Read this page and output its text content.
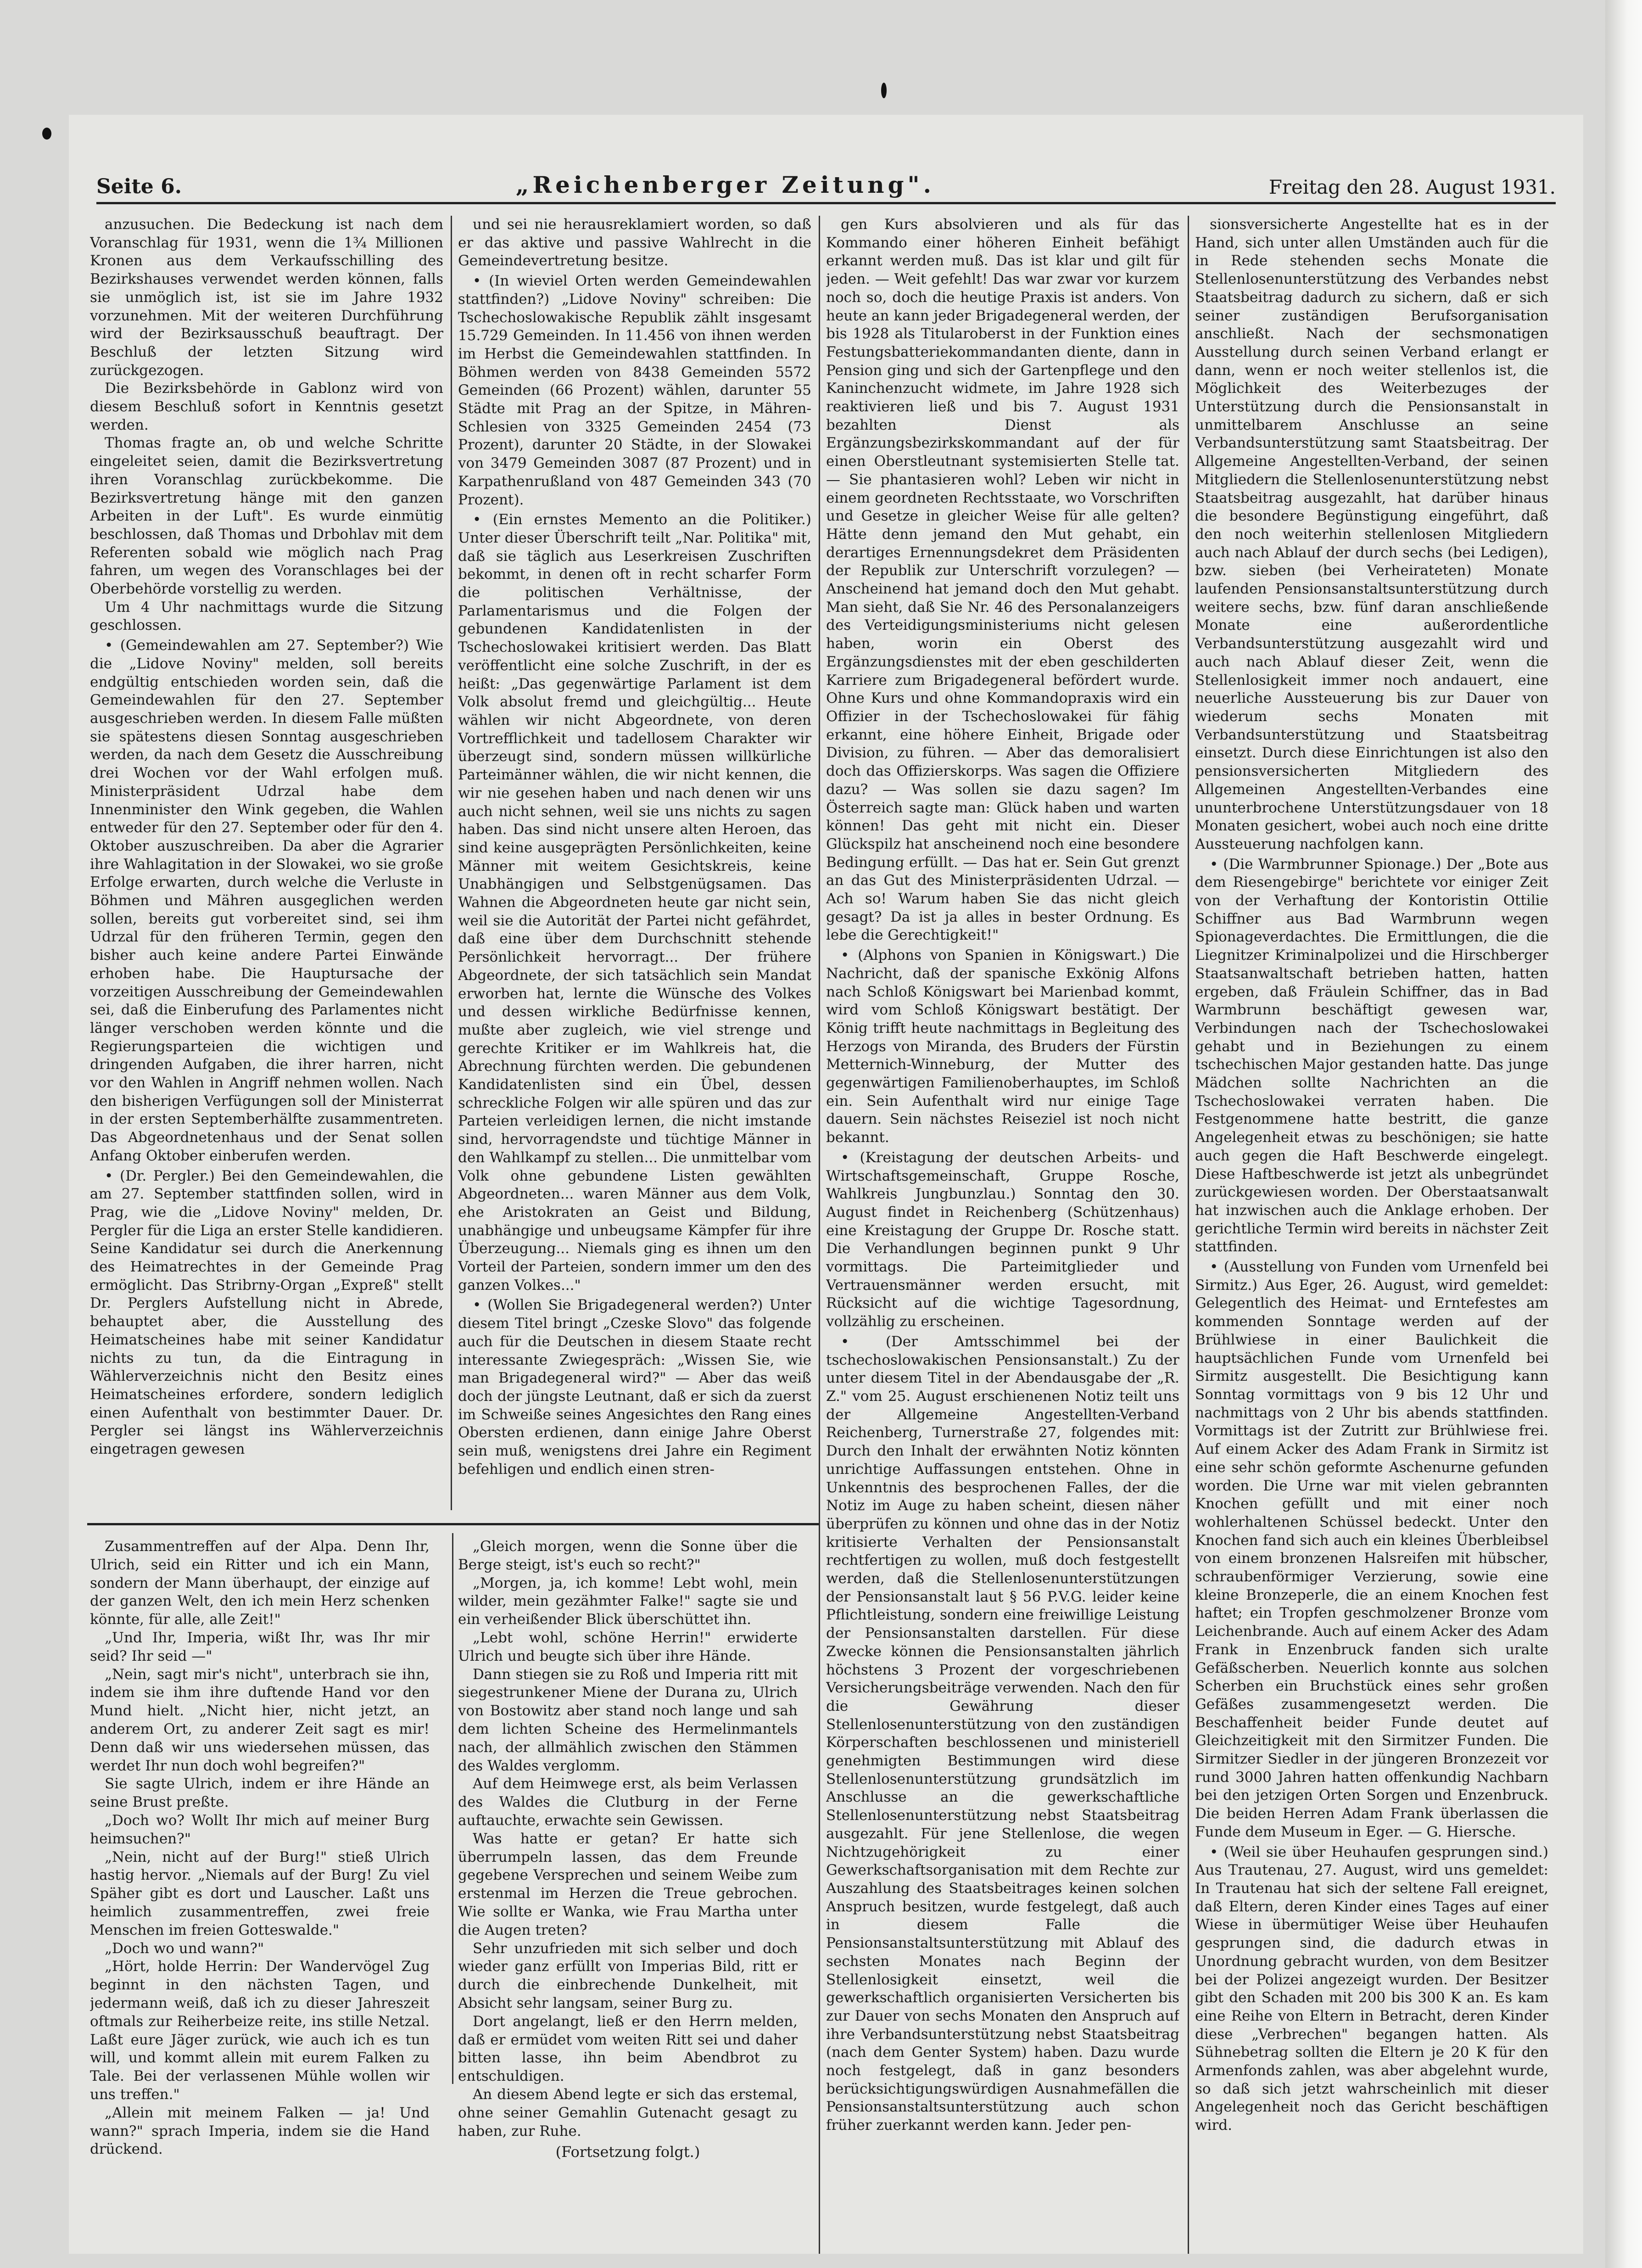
Seite 6.	„Reichenberger Zeitung".	Freitag den 28. August 1931.

anzusuchen. Die Bedeckung ist nach dem Voranschlag für 1931, wenn die 1¾ Millionen Kronen aus dem Verkaufsschilling des Bezirkshauses verwendet werden können, falls sie unmöglich ist, ist sie im Jahre 1932 vorzunehmen. Mit der weiteren Durchführung wird der Bezirksausschuß beauftragt. Der Beschluß der letzten Sitzung wird zurückgezogen.

Die Bezirksbehörde in Gablonz wird von diesem Beschluß sofort in Kenntnis gesetzt werden.

Thomas fragte an, ob und welche Schritte eingeleitet seien, damit die Bezirksvertretung ihren Voranschlag zurückbekomme. Die Bezirksvertretung hänge mit den ganzen Arbeiten in der Luft". Es wurde einmütig beschlossen, daß Thomas und Drbohlav mit dem Referenten sobald wie möglich nach Prag fahren, um wegen des Voranschlages bei der Oberbehörde vorstellig zu werden.

Um 4 Uhr nachmittags wurde die Sitzung geschlossen.

• (Gemeindewahlen am 27. September?) Wie die „Lidove Noviny" melden, soll bereits endgültig entschieden worden sein, daß die Gemeindewahlen für den 27. September ausgeschrieben werden. In diesem Falle müßten sie spätestens diesen Sonntag ausgeschrieben werden, da nach dem Gesetz die Ausschreibung drei Wochen vor der Wahl erfolgen muß. Ministerpräsident Udrzal habe dem Innenminister den Wink gegeben, die Wahlen entweder für den 27. September oder für den 4. Oktober auszuschreiben. Da aber die Agrarier ihre Wahlagitation in der Slowakei, wo sie große Erfolge erwarten, durch welche die Verluste in Böhmen und Mähren ausgeglichen werden sollen, bereits gut vorbereitet sind, sei ihm Udrzal für den früheren Termin, gegen den bisher auch keine andere Partei Einwände erhoben habe. Die Hauptursache der vorzeitigen Ausschreibung der Gemeindewahlen sei, daß die Einberufung des Parlamentes nicht länger verschoben werden könnte und die Regierungsparteien die wichtigen und dringenden Aufgaben, die ihrer harren, nicht vor den Wahlen in Angriff nehmen wollen. Nach den bisherigen Verfügungen soll der Ministerrat in der ersten Septemberhälfte zusammentreten. Das Abgeordnetenhaus und der Senat sollen Anfang Oktober einberufen werden.

• (Dr. Pergler.) Bei den Gemeindewahlen, die am 27. September stattfinden sollen, wird in Prag, wie die „Lidove Noviny" melden, Dr. Pergler für die Liga an erster Stelle kandidieren. Seine Kandidatur sei durch die Anerkennung des Heimatrechtes in der Gemeinde Prag ermöglicht. Das Stribrny-Organ „Expreß" stellt Dr. Perglers Aufstellung nicht in Abrede, behauptet aber, die Ausstellung des Heimatscheines habe mit seiner Kandidatur nichts zu tun, da die Eintragung in Wählerverzeichnis nicht den Besitz eines Heimatscheines erfordere, sondern lediglich einen Aufenthalt von bestimmter Dauer. Dr. Pergler sei längst ins Wählerverzeichnis eingetragen gewesen

und sei nie herausreklamiert worden, so daß er das aktive und passive Wahlrecht in die Gemeindevertretung besitze.

• (In wieviel Orten werden Gemeindewahlen stattfinden?) „Lidove Noviny" schreiben: Die Tschechoslowakische Republik zählt insgesamt 15.729 Gemeinden. In 11.456 von ihnen werden im Herbst die Gemeindewahlen stattfinden. In Böhmen werden von 8438 Gemeinden 5572 Gemeinden (66 Prozent) wählen, darunter 55 Städte mit Prag an der Spitze, in Mähren-Schlesien von 3325 Gemeinden 2454 (73 Prozent), darunter 20 Städte, in der Slowakei von 3479 Gemeinden 3087 (87 Prozent) und in Karpathenrußland von 487 Gemeinden 343 (70 Prozent).

• (Ein ernstes Memento an die Politiker.) Unter dieser Überschrift teilt „Nar. Politika" mit, daß sie täglich aus Leserkreisen Zuschriften bekommt, in denen oft in recht scharfer Form die politischen Verhältnisse, der Parlamentarismus und die Folgen der gebundenen Kandidatenlisten in der Tschechoslowakei kritisiert werden. Das Blatt veröffentlicht eine solche Zuschrift, in der es heißt: „Das gegenwärtige Parlament ist dem Volk absolut fremd und gleichgültig... Heute wählen wir nicht Abgeordnete, von deren Vortrefflichkeit und tadellosem Charakter wir überzeugt sind, sondern müssen willkürliche Parteimänner wählen, die wir nicht kennen, die wir nie gesehen haben und nach denen wir uns auch nicht sehnen, weil sie uns nichts zu sagen haben. Das sind nicht unsere alten Heroen, das sind keine ausgeprägten Persönlichkeiten, keine Männer mit weitem Gesichtskreis, keine Unabhängigen und Selbstgenügsamen. Das Wahnen die Abgeordneten heute gar nicht sein, weil sie die Autorität der Partei nicht gefährdet, daß eine über dem Durchschnitt stehende Persönlichkeit hervorragt... Der frühere Abgeordnete, der sich tatsächlich sein Mandat erworben hat, lernte die Wünsche des Volkes und dessen wirkliche Bedürfnisse kennen, mußte aber zugleich, wie viel strenge und gerechte Kritiker er im Wahlkreis hat, die Abrechnung fürchten werden. Die gebundenen Kandidatenlisten sind ein Übel, dessen schreckliche Folgen wir alle spüren und das zur Parteien verleidigen lernen, die nicht imstande sind, hervorragendste und tüchtige Männer in den Wahlkampf zu stellen... Die unmittelbar vom Volk ohne gebundene Listen gewählten Abgeordneten... waren Männer aus dem Volk, ehe Aristokraten an Geist und Bildung, unabhängige und unbeugsame Kämpfer für ihre Überzeugung... Niemals ging es ihnen um den Vorteil der Parteien, sondern immer um den des ganzen Volkes..."

• (Wollen Sie Brigadegeneral werden?) Unter diesem Titel bringt „Czeske Slovo" das folgende auch für die Deutschen in diesem Staate recht interessante Zwiegespräch: „Wissen Sie, wie man Brigadegeneral wird?" — Aber das weiß doch der jüngste Leutnant, daß er sich da zuerst im Schweiße seines Angesichtes den Rang eines Obersten erdienen, dann einige Jahre Oberst sein muß, wenigstens drei Jahre ein Regiment befehligen und endlich einen stren-

Zusammentreffen auf der Alpa. Denn Ihr, Ulrich, seid ein Ritter und ich ein Mann, sondern der Mann überhaupt, der einzige auf der ganzen Welt, den ich mein Herz schenken könnte, für alle, alle Zeit!"

„Und Ihr, Imperia, wißt Ihr, was Ihr mir seid? Ihr seid —"

„Nein, sagt mir's nicht", unterbrach sie ihn, indem sie ihm ihre duftende Hand vor den Mund hielt. „Nicht hier, nicht jetzt, an anderem Ort, zu anderer Zeit sagt es mir! Denn daß wir uns wiedersehen müssen, das werdet Ihr nun doch wohl begreifen?"

Sie sagte Ulrich, indem er ihre Hände an seine Brust preßte.

„Doch wo? Wollt Ihr mich auf meiner Burg heimsuchen?"

„Nein, nicht auf der Burg!" stieß Ulrich hastig hervor. „Niemals auf der Burg! Zu viel Späher gibt es dort und Lauscher. Laßt uns heimlich zusammentreffen, zwei freie Menschen im freien Gotteswalde."

„Doch wo und wann?"

„Hört, holde Herrin: Der Wandervögel Zug beginnt in den nächsten Tagen, und jedermann weiß, daß ich zu dieser Jahreszeit oftmals zur Reiherbeize reite, ins stille Netzal. Laßt eure Jäger zurück, wie auch ich es tun will, und kommt allein mit eurem Falken zu Tale. Bei der verlassenen Mühle wollen wir uns treffen."

„Allein mit meinem Falken — ja! Und wann?" sprach Imperia, indem sie die Hand drückend.

„Gleich morgen, wenn die Sonne über die Berge steigt, ist's euch so recht?"

„Morgen, ja, ich komme! Lebt wohl, mein wilder, mein gezähmter Falke!" sagte sie und ein verheißender Blick überschüttet ihn.

„Lebt wohl, schöne Herrin!" erwiderte Ulrich und beugte sich über ihre Hände.

Dann stiegen sie zu Roß und Imperia ritt mit siegestrunkener Miene der Durana zu, Ulrich von Bostowitz aber stand noch lange und sah dem lichten Scheine des Hermelinmantels nach, der allmählich zwischen den Stämmen des Waldes verglomm.

Auf dem Heimwege erst, als beim Verlassen des Waldes die Clutburg in der Ferne auftauchte, erwachte sein Gewissen.

Was hatte er getan? Er hatte sich überrumpeln lassen, das dem Freunde gegebene Versprechen und seinem Weibe zum erstenmal im Herzen die Treue gebrochen. Wie sollte er Wanka, wie Frau Martha unter die Augen treten?

Sehr unzufrieden mit sich selber und doch wieder ganz erfüllt von Imperias Bild, ritt er durch die einbrechende Dunkelheit, mit Absicht sehr langsam, seiner Burg zu.

Dort angelangt, ließ er den Herrn melden, daß er ermüdet vom weiten Ritt sei und daher bitten lasse, ihn beim Abendbrot zu entschuldigen.

An diesem Abend legte er sich das erstemal, ohne seiner Gemahlin Gutenacht gesagt zu haben, zur Ruhe.

(Fortsetzung folgt.)

gen Kurs absolvieren und als für das Kommando einer höheren Einheit befähigt erkannt werden muß. Das ist klar und gilt für jeden. — Weit gefehlt! Das war zwar vor kurzem noch so, doch die heutige Praxis ist anders. Von heute an kann jeder Brigadegeneral werden, der bis 1928 als Titularoberst in der Funktion eines Festungsbatteriekommandanten diente, dann in Pension ging und sich der Gartenpflege und den Kaninchenzucht widmete, im Jahre 1928 sich reaktivieren ließ und bis 7. August 1931 bezahlten Dienst als Ergänzungsbezirkskommandant auf der für einen Oberstleutnant systemisierten Stelle tat. — Sie phantasieren wohl? Leben wir nicht in einem geordneten Rechtsstaate, wo Vorschriften und Gesetze in gleicher Weise für alle gelten? Hätte denn jemand den Mut gehabt, ein derartiges Ernennungsdekret dem Präsidenten der Republik zur Unterschrift vorzulegen? — Anscheinend hat jemand doch den Mut gehabt. Man sieht, daß Sie Nr. 46 des Personalanzeigers des Verteidigungsministeriums nicht gelesen haben, worin ein Oberst des Ergänzungsdienstes mit der eben geschilderten Karriere zum Brigadegeneral befördert wurde. Ohne Kurs und ohne Kommandopraxis wird ein Offizier in der Tschechoslowakei für fähig erkannt, eine höhere Einheit, Brigade oder Division, zu führen. — Aber das demoralisiert doch das Offizierskorps. Was sagen die Offiziere dazu? — Was sollen sie dazu sagen? Im Österreich sagte man: Glück haben und warten können! Das geht mit nicht ein. Dieser Glückspilz hat anscheinend noch eine besondere Bedingung erfüllt. — Das hat er. Sein Gut grenzt an das Gut des Ministerpräsidenten Udrzal. — Ach so! Warum haben Sie das nicht gleich gesagt? Da ist ja alles in bester Ordnung. Es lebe die Gerechtigkeit!"

• (Alphons von Spanien in Königswart.) Die Nachricht, daß der spanische Exkönig Alfons nach Schloß Königswart bei Marienbad kommt, wird vom Schloß Königswart bestätigt. Der König trifft heute nachmittags in Begleitung des Herzogs von Miranda, des Bruders der Fürstin Metternich-Winneburg, der Mutter des gegenwärtigen Familienoberhauptes, im Schloß ein. Sein Aufenthalt wird nur einige Tage dauern. Sein nächstes Reiseziel ist noch nicht bekannt.

• (Kreistagung der deutschen Arbeits- und Wirtschaftsgemeinschaft, Gruppe Rosche, Wahlkreis Jungbunzlau.) Sonntag den 30. August findet in Reichenberg (Schützenhaus) eine Kreistagung der Gruppe Dr. Rosche statt. Die Verhandlungen beginnen punkt 9 Uhr vormittags. Die Parteimitglieder und Vertrauensmänner werden ersucht, mit Rücksicht auf die wichtige Tagesordnung, vollzählig zu erscheinen.

• (Der Amtsschimmel bei der tschechoslowakischen Pensionsanstalt.) Zu der unter diesem Titel in der Abendausgabe der „R. Z." vom 25. August erschienenen Notiz teilt uns der Allgemeine Angestellten-Verband Reichenberg, Turnerstraße 27, folgendes mit: Durch den Inhalt der erwähnten Notiz könnten unrichtige Auffassungen entstehen. Ohne in Unkenntnis des besprochenen Falles, der die Notiz im Auge zu haben scheint, diesen näher überprüfen zu können und ohne das in der Notiz kritisierte Verhalten der Pensionsanstalt rechtfertigen zu wollen, muß doch festgestellt werden, daß die Stellenlosenunterstützungen der Pensionsanstalt laut § 56 P.V.G. leider keine Pflichtleistung, sondern eine freiwillige Leistung der Pensionsanstalten darstellen. Für diese Zwecke können die Pensionsanstalten jährlich höchstens 3 Prozent der vorgeschriebenen Versicherungsbeiträge verwenden. Nach den für die Gewährung dieser Stellenlosenunterstützung von den zuständigen Körperschaften beschlossenen und ministeriell genehmigten Bestimmungen wird diese Stellenlosenunterstützung grundsätzlich im Anschlusse an die gewerkschaftliche Stellenlosenunterstützung nebst Staatsbeitrag ausgezahlt. Für jene Stellenlose, die wegen Nichtzugehörigkeit zu einer Gewerkschaftsorganisation mit dem Rechte zur Auszahlung des Staatsbeitrages keinen solchen Anspruch besitzen, wurde festgelegt, daß auch in diesem Falle die Pensionsanstaltsunterstützung mit Ablauf des sechsten Monates nach Beginn der Stellenlosigkeit einsetzt, weil die gewerkschaftlich organisierten Versicherten bis zur Dauer von sechs Monaten den Anspruch auf ihre Verbandsunterstützung nebst Staatsbeitrag (nach dem Genter System) haben. Dazu wurde noch festgelegt, daß in ganz besonders berücksichtigungswürdigen Ausnahmefällen die Pensionsanstaltsunterstützung auch schon früher zuerkannt werden kann. Jeder pen-

sionsversicherte Angestellte hat es in der Hand, sich unter allen Umständen auch für die in Rede stehenden sechs Monate die Stellenlosenunterstützung des Verbandes nebst Staatsbeitrag dadurch zu sichern, daß er sich seiner zuständigen Berufsorganisation anschließt. Nach der sechsmonatigen Ausstellung durch seinen Verband erlangt er dann, wenn er noch weiter stellenlos ist, die Möglichkeit des Weiterbezuges der Unterstützung durch die Pensionsanstalt in unmittelbarem Anschlusse an seine Verbandsunterstützung samt Staatsbeitrag. Der Allgemeine Angestellten-Verband, der seinen Mitgliedern die Stellenlosenunterstützung nebst Staatsbeitrag ausgezahlt, hat darüber hinaus die besondere Begünstigung eingeführt, daß den noch weiterhin stellenlosen Mitgliedern auch nach Ablauf der durch sechs (bei Ledigen), bzw. sieben (bei Verheirateten) Monate laufenden Pensionsanstaltsunterstützung durch weitere sechs, bzw. fünf daran anschließende Monate eine außerordentliche Verbandsunterstützung ausgezahlt wird und auch nach Ablauf dieser Zeit, wenn die Stellenlosigkeit immer noch andauert, eine neuerliche Aussteuerung bis zur Dauer von wiederum sechs Monaten mit Verbandsunterstützung und Staatsbeitrag einsetzt. Durch diese Einrichtungen ist also den pensionsversicherten Mitgliedern des Allgemeinen Angestellten-Verbandes eine ununterbrochene Unterstützungsdauer von 18 Monaten gesichert, wobei auch noch eine dritte Aussteuerung nachfolgen kann.

• (Die Warmbrunner Spionage.) Der „Bote aus dem Riesengebirge" berichtete vor einiger Zeit von der Verhaftung der Kontoristin Ottilie Schiffner aus Bad Warmbrunn wegen Spionageverdachtes. Die Ermittlungen, die die Liegnitzer Kriminalpolizei und die Hirschberger Staatsanwaltschaft betrieben hatten, hatten ergeben, daß Fräulein Schiffner, das in Bad Warmbrunn beschäftigt gewesen war, Verbindungen nach der Tschechoslowakei gehabt und in Beziehungen zu einem tschechischen Major gestanden hatte. Das junge Mädchen sollte Nachrichten an die Tschechoslowakei verraten haben. Die Festgenommene hatte bestritt, die ganze Angelegenheit etwas zu beschönigen; sie hatte auch gegen die Haft Beschwerde eingelegt. Diese Haftbeschwerde ist jetzt als unbegründet zurückgewiesen worden. Der Oberstaatsanwalt hat inzwischen auch die Anklage erhoben. Der gerichtliche Termin wird bereits in nächster Zeit stattfinden.

• (Ausstellung von Funden vom Urnenfeld bei Sirmitz.) Aus Eger, 26. August, wird gemeldet: Gelegentlich des Heimat- und Erntefestes am kommenden Sonntage werden auf der Brühlwiese in einer Baulichkeit die hauptsächlichen Funde vom Urnenfeld bei Sirmitz ausgestellt. Die Besichtigung kann Sonntag vormittags von 9 bis 12 Uhr und nachmittags von 2 Uhr bis abends stattfinden. Vormittags ist der Zutritt zur Brühlwiese frei. Auf einem Acker des Adam Frank in Sirmitz ist eine sehr schön geformte Aschenurne gefunden worden. Die Urne war mit vielen gebrannten Knochen gefüllt und mit einer noch wohlerhaltenen Schüssel bedeckt. Unter den Knochen fand sich auch ein kleines Überbleibsel von einem bronzenen Halsreifen mit hübscher, schraubenförmiger Verzierung, sowie eine kleine Bronzeperle, die an einem Knochen fest haftet; ein Tropfen geschmolzener Bronze vom Leichenbrande. Auch auf einem Acker des Adam Frank in Enzenbruck fanden sich uralte Gefäßscherben. Neuerlich konnte aus solchen Scherben ein Bruchstück eines sehr großen Gefäßes zusammengesetzt werden. Die Beschaffenheit beider Funde deutet auf Gleichzeitigkeit mit den Sirmitzer Funden. Die Sirmitzer Siedler in der jüngeren Bronzezeit vor rund 3000 Jahren hatten offenkundig Nachbarn bei den jetzigen Orten Sorgen und Enzenbruck. Die beiden Herren Adam Frank überlassen die Funde dem Museum in Eger. — G. Hiersche.

• (Weil sie über Heuhaufen gesprungen sind.) Aus Trautenau, 27. August, wird uns gemeldet: In Trautenau hat sich der seltene Fall ereignet, daß Eltern, deren Kinder eines Tages auf einer Wiese in übermütiger Weise über Heuhaufen gesprungen sind, die dadurch etwas in Unordnung gebracht wurden, von dem Besitzer bei der Polizei angezeigt wurden. Der Besitzer gibt den Schaden mit 200 bis 300 K an. Es kam eine Reihe von Eltern in Betracht, deren Kinder diese „Verbrechen" begangen hatten. Als Sühnebetrag sollten die Eltern je 20 K für den Armenfonds zahlen, was aber abgelehnt wurde, so daß sich jetzt wahrscheinlich mit dieser Angelegenheit noch das Gericht beschäftigen wird.
